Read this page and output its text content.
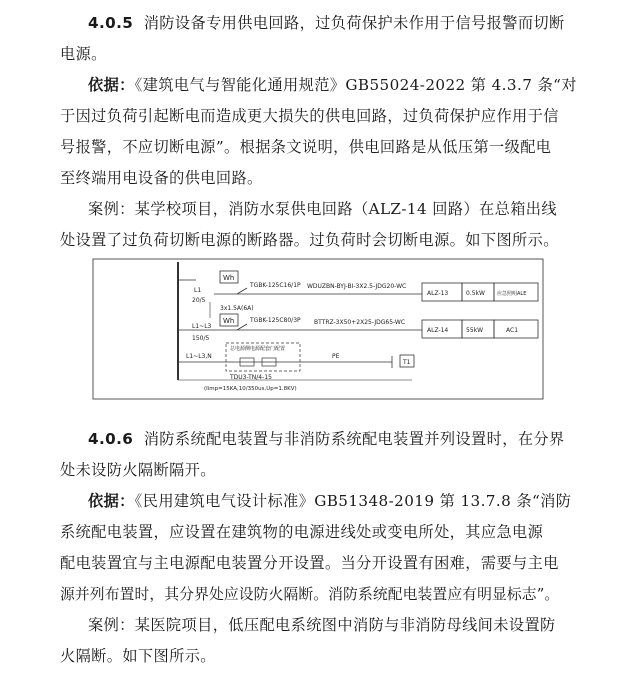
4.0.5 消防设备专用供电回路，过负荷保护未作用于信号报警而切断

电源。

依据：《建筑电气与智能化通用规范》GB55024-2022 第 4.3.7 条“对

于因过负荷引起断电而造成更大损失的供电回路，过负荷保护应作用于信

号报警，不应切断电源”。根据条文说明，供电回路是从低压第一级配电

至终端用电设备的供电回路。

案例：某学校项目，消防水泵供电回路（ALZ-14 回路）在总箱出线

处设置了过负荷切断电源的断路器。过负荷时会切断电源。如下图所示。

Wh
L1
20/5
TGBK-125C16/1P WDUZBN-BYJ-BI-3X2.5-JDG20-WC
ALZ-13	0.5kW 应急照明ALE
3x1.5A(6A)
Wh
L1~L3
150/5
TGBK-125C80/3P BTTRZ-3X50+2X25-JDG65-WC
ALZ-14	55kW	AC1
L1~L3,N
总电源侧电源配套门配置
PE
T1
TDU3-TN/4-15
(Iimp=15KA,10/350us,Up=1.8KV)

4.0.6 消防系统配电装置与非消防系统配电装置并列设置时，在分界

处未设防火隔断隔开。

依据：《民用建筑电气设计标准》GB51348-2019 第 13.7.8 条“消防

系统配电装置，应设置在建筑物的电源进线处或变电所处，其应急电源

配电装置宜与主电源配电装置分开设置。当分开设置有困难，需要与主电

源并列布置时，其分界处应设防火隔断。消防系统配电装置应有明显标志”。

案例：某医院项目，低压配电系统图中消防与非消防母线间未设置防

火隔断。如下图所示。
